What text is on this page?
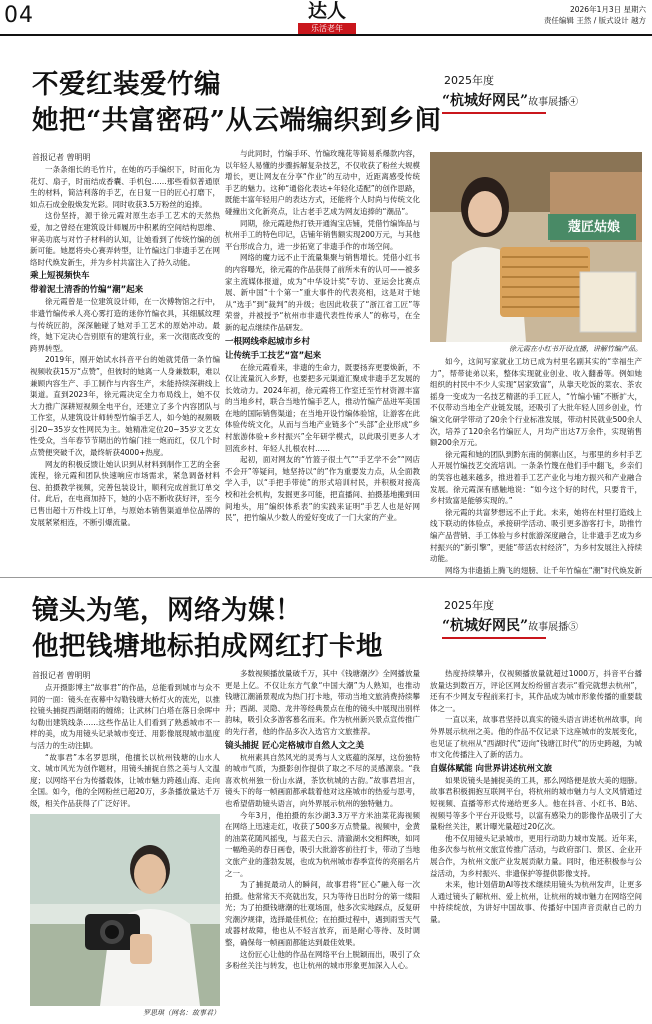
04	达人
乐活老年
2026年1月3日 星期六
责任编辑 王然 / 版式设计 越方
不爱红装爱竹编
她把“共富密码”从云端编织到乡间
2025年度
“杭城好网民”故事展播④
首报记者 曾明明

一条条细长的毛竹片，在她的巧手编织下，时而化为花灯、扇子，时而结成香囊、手机包……那些看似普通原生的材料，简洁利落的手艺，在日复一日的匠心打磨下，如点石成金般焕发光彩。同时收获3.5万粉丝的追捧。

这份坚持，源于徐元霞对原生态手工艺术的天然热爱，加之曾经在建筑设计师履历中积累的空间结构思维、审美功底与对竹子材料的认知，让她看到了传统竹编的创新可能。她愿将央心赛弄转型，让竹编这门非遗手艺在网络时代焕发新生，并为乡村共富注入了持久动能。

乘上短视频快车

带着泥土清香的竹编“潮”起来

徐元霞曾是一位建筑设计师，在一次傅物馆之行中，非遗竹编传承人亮心雾打造的迷你竹编衣具，其细腻纹理与传统匠韵，深深触碰了她对手工艺术的原始冲动。最终，她下定决心告别原有的建筑行业，来一次彻底改变的跨界转型。

2019年，刚开始试水抖音平台的她就凭借一条竹编视频收获15万“点赞”，但彼时的她离一人身兼数职，难以兼顾内容生产、手工制作与内容生产，未能持续深耕线上渠道。直到2023年，徐元霞决定全力布局线上，她不仅大力推广深耕短视频全电平台，还建立了多个内容团队与工作室，从建筑设计师转型竹编手艺人，如今她的视频吸引20~35岁女性网民为主。她精准定位20~35岁文艺女性受众，当年春节节期出的竹编门挂一炮而红，仅几个时点赞便突破千次，最终斩获4000+热度。

网友的积极反馈让她认识到从材料到制作工艺的全套流程，徐元霞和团队快速响应市场需求，紧急调备材料包、拍摄教学视频，完善包装设计，顺利完成首批订单交付。此后，在电商加持下，她的小店不断收获好评，至今已售出超十万件线上订单，与原始本销售渠道单位品牌的发展紧紧相连，不断引爆流量。

与此同时，竹编手环、竹编玫瑰花等简易系爆款内容，以年轻人易懂的步骤拆解复杂技艺，不仅收获了粉丝大规模增长，更让网友在分享“作业”的互动中，近距离感受传统手艺的魅力。这种“通俗化表达+年轻化适配”的创作思路，既能丰富年轻用户的表达方式，还能将个人时尚与传统文化碰撞出文化新亮点，让古老手艺成为网友追捧的“潮品”。

同期，徐元霞趁热打铁开通淘宝店铺，凭借竹编饰品与杭州手工的特色印记，店铺年销售额实现200万元，与其他平台形成合力，进一步拓宽了非遗手作的市场空间。

网络的魔力远不止于流量集聚与销售增长。凭借小红书的内容曝光，徐元霞的作品获得了前所未有的认可——被多家主流媒体报道，成为“中华设计奖”专访、亚运会比赛点展、新中国“十个第一”重大事件的代表亮相，这是对于她从“选手”到“裁判”的升级；也因此收获了“浙江省工匠”等荣誉，并被授予“杭州市非遗代表性传承人”的称号，在全新的起点继续作品研发。

一根网线牵起城市乡村

让传统手工技艺“富”起来

在徐元霞看来，非遗的生命力，既要扬弃更要焕新，不仅让流量沉入乡野，也要把多元渠道汇聚成非遗手艺发展的长效动力。2024年初，徐元霞将工作室迁至竹材资源丰富的当地乡村，联合当地竹编手艺人，推动竹编产品进军美国在地的国际销售渠道；在当地开设竹编体验馆，让游客在此体验传统文化，从而与当地产业链多个“头部”企业形成“乡村旅游体验+乡村振兴”全年研学模式，以此吸引更多人才回流乡村、年轻人扎根农村……

起初，面对网友的“竹篮子很土气”“手艺学不会”“网店不会开”等疑问，她坚持以“的”作为重要发力点，从全面教学入手，以“手把手带徒”的形式培训村民，并积极对接高校和社会机构，发掘更多可能，把直播间、拍摄基地搬到田间地头，用“编织体系表”的实践来证明“手艺人也是好网民”，把竹编从少数人的爱好变成了一门大家的产业。

蔻匠姑娘
徐元霞在小红书开设直播，讲解竹编产品。

如今，这间写家就业工坊已成为村里名副其实的“幸福生产力”，帮带徒弟以来，整体实现就业创业、收入翻番等。例如她组织的村民中不少人实现“居家致富”，从靠天吃饭的菜农、茶农摇身一变成为一名技艺精湛的手工匠人，“竹编小铺”不断扩大，不仅带动当地全产业链发展，还吸引了大批年轻人回乡创业，竹编文化研学带动了20余个行业标准发展，带动村民就业500余人次，培养了120余名竹编匠人，月均产出达7万余件，实现销售额200余万元。

徐元霞和她的团队到黔东南的侗寨山区，与那里的乡村手艺人开展竹编技艺交流培训。一条条竹篾在他们手中翻飞，乡亲们的笑容也越来越多，推进着手工艺产业化与地方振兴和产业融合发展。徐元霞深有感触地说：“如今这个好的时代，只要肯干，乡村致富是能够实现的。”

徐元霞的共富梦想远不止于此。未来，她将在村里打造线上线下联动的体验点，承接研学活动、吸引更多游客打卡，助推竹编产品营销、手工体验与乡村旅游深度融合，让非遗手艺成为乡村振兴的“新引擎”，更能“带活农村经济”，为乡村发展注入持续动能。

网络为非遗插上腾飞的翅膀，让千年竹编在“潮”时代焕发新

镜头为笔，网络为媒！
他把钱塘地标拍成网红打卡地
2025年度
“杭城好网民”故事展播⑤
首报记者 曾明明

点开摄影博主“故事君”的作品，总能看到城市与众不同的一面：镜头在夜幕中勾勒钱塘大桥灯火的流光，以推拉镜头捕捉西湖烟雨的缠绵；让武林门白塔在落日余晖中勾勒出建筑线条……这些作品让人们看到了熟悉城市不一样的美，成为用镜头记录城市变迁、用影像展现城市温度与活力的生动注脚。

“故事君”本名罗思琪，他擅长以杭州钱塘的山水人文、城市风光为创作题材，用镜头捕捉自然之美与人文温度；以网络平台为传播载体，让城市魅力跨越山海、走向全国。如今，他的全网粉丝已超20万，多条播放量达千万级，相关作品获得了广泛好评。

罗思琪（网名：故事君）

多数视频播放量破千万，其中《钱塘潮汐》全网播放量更是上亿。不仅让东方气象“中国大潮”为人熟知，也推动钱塘江潮涌景观成为热门打卡地，带动当地文旅消费持续攀升；西湖、灵隐、龙井等经典景点在他的镜头中展现出别样韵味，吸引众多游客慕名而来。作为杭州新兴景点宣传推广的先行者，他的作品多次入选官方文旅推荐。

镜头捕捉 匠心定格城市自然人文之美

杭州素具自然风光的灵秀与人文底蕴的深厚，这份独特的城市气质，为摄影创作提供了取之不尽的灵感源泉。“我喜欢杭州独一份山水湖，茶饮杭城的古韵。”故事君坦言，镜头下的每一帧画面都承载着他对这座城市的热爱与思考，也希望借助镜头语言，向外界展示杭州的独特魅力。

今年3月，他拍摄的东沙湖3.3万平方米油菜花海视频在网络上迅速走红，收获了500多万点赞量。视频中，金黄的油菜花随风摇曳，与蓝天白云、清澈湖水交相辉映，如同一幅绝美的春日画卷，吸引大批游客前往打卡，带动了当地文旅产业的蓬勃发展，也成为杭州城市春季宣传的亮丽名片之一。

为了捕捉最动人的瞬间，故事君将“匠心”融入每一次拍摄。他常常天不亮就出发，只为等待日出时分的第一缕阳光；为了拍摄钱塘潮的壮观场面，他多次实地踩点，反复研究潮汐规律，选择最佳机位；在拍摄过程中，遇到雨雪天气或器材故障，他也从不轻言放弃，而是耐心等待、及时调整，确保每一帧画面都能达到最佳效果。

这份匠心让他的作品在网络平台上脱颖而出，吸引了众多粉丝关注与转发，也让杭州的城市形象更加深入人心。

热度持续攀升，仅视频播放量就超过1000万，抖音平台播放量达到数百万，评论区网友纷纷留言表示“看完就想去杭州”，还有不少网友专程前来打卡，其作品成为城市形象传播的重要载体之一。

一直以来，故事君坚持以真实的镜头语言讲述杭州故事，向外界展示杭州之美。他的作品不仅记录下这座城市的发展变化，也见证了杭州从“西湖时代”迈向“钱塘江时代”的历史跨越，为城市文化传播注入了新的活力。

自媒体赋能 向世界讲述杭州文旅

如果说镜头是捕捉美的工具，那么网络便是放大美的翅膀。故事君积极拥抱互联网平台，将杭州的城市魅力与人文风情通过短视频、直播等形式传递给更多人。他在抖音、小红书、B站、视频号等多个平台开设账号，以富有感染力的影像作品吸引了大量粉丝关注，累计曝光量超过20亿次。

他不仅用镜头记录城市，更用行动助力城市发展。近年来，他多次参与杭州文旅宣传推广活动，与政府部门、景区、企业开展合作，为杭州文旅产业发展贡献力量。同时，他还积极参与公益活动，为乡村振兴、非遗保护等提供影像支持。

未来，他计划借助AI等技术继续用镜头为杭州发声，让更多人通过镜头了解杭州、爱上杭州，让杭州的城市魅力在网络空间中持续绽放，为讲好中国故事、传播好中国声音贡献自己的力量。
